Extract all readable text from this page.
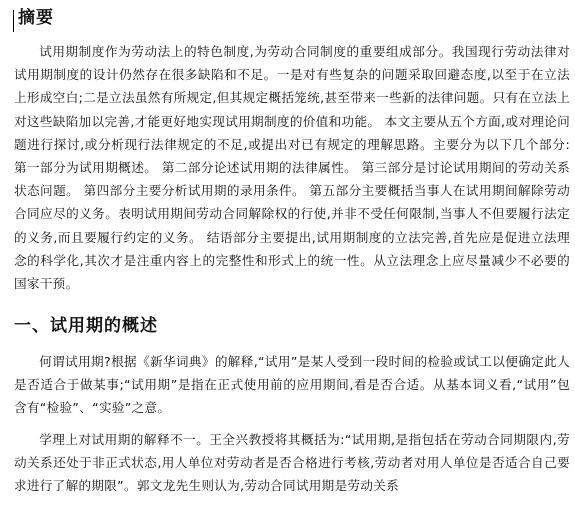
摘要

试用期制度作为劳动法上的特色制度,为劳动合同制度的重要组成部分。我国现行劳动法律对试用期制度的设计仍然存在很多缺陷和不足。一是对有些复杂的问题采取回避态度,以至于在立法上形成空白;二是立法虽然有所规定,但其规定概括笼统,甚至带来一些新的法律问题。只有在立法上对这些缺陷加以完善,才能更好地实现试用期制度的价值和功能。 本文主要从五个方面,或对理论问题进行探讨,或分析现行法律规定的不足,或提出对已有规定的理解思路。主要分为以下几个部分: 第一部分为试用期概述。 第二部分论述试用期的法律属性。 第三部分是讨论试用期间的劳动关系状态问题。 第四部分主要分析试用期的录用条件。 第五部分主要概括当事人在试用期间解除劳动合同应尽的义务。表明试用期间劳动合同解除权的行使,并非不受任何限制,当事人不但要履行法定的义务,而且要履行约定的义务。 结语部分主要提出,试用期制度的立法完善,首先应是促进立法理念的科学化,其次才是注重内容上的完整性和形式上的统一性。从立法理念上应尽量减少不必要的国家干预。

一、试用期的概述

何谓试用期?根据《新华词典》的解释,“试用”是某人受到一段时间的检验或试工以便确定此人是否适合于做某事;“试用期”是指在正式使用前的应用期间,看是否合适。从基本词义看,“试用”包含有“检验”、“实验”之意。

学理上对试用期的解释不一。王全兴教授将其概括为:“试用期,是指包括在劳动合同期限内,劳动关系还处于非正式状态,用人单位对劳动者是否合格进行考核,劳动者对用人单位是否适合自己要求进行了解的期限”。郭文龙先生则认为,劳动合同试用期是劳动关系
